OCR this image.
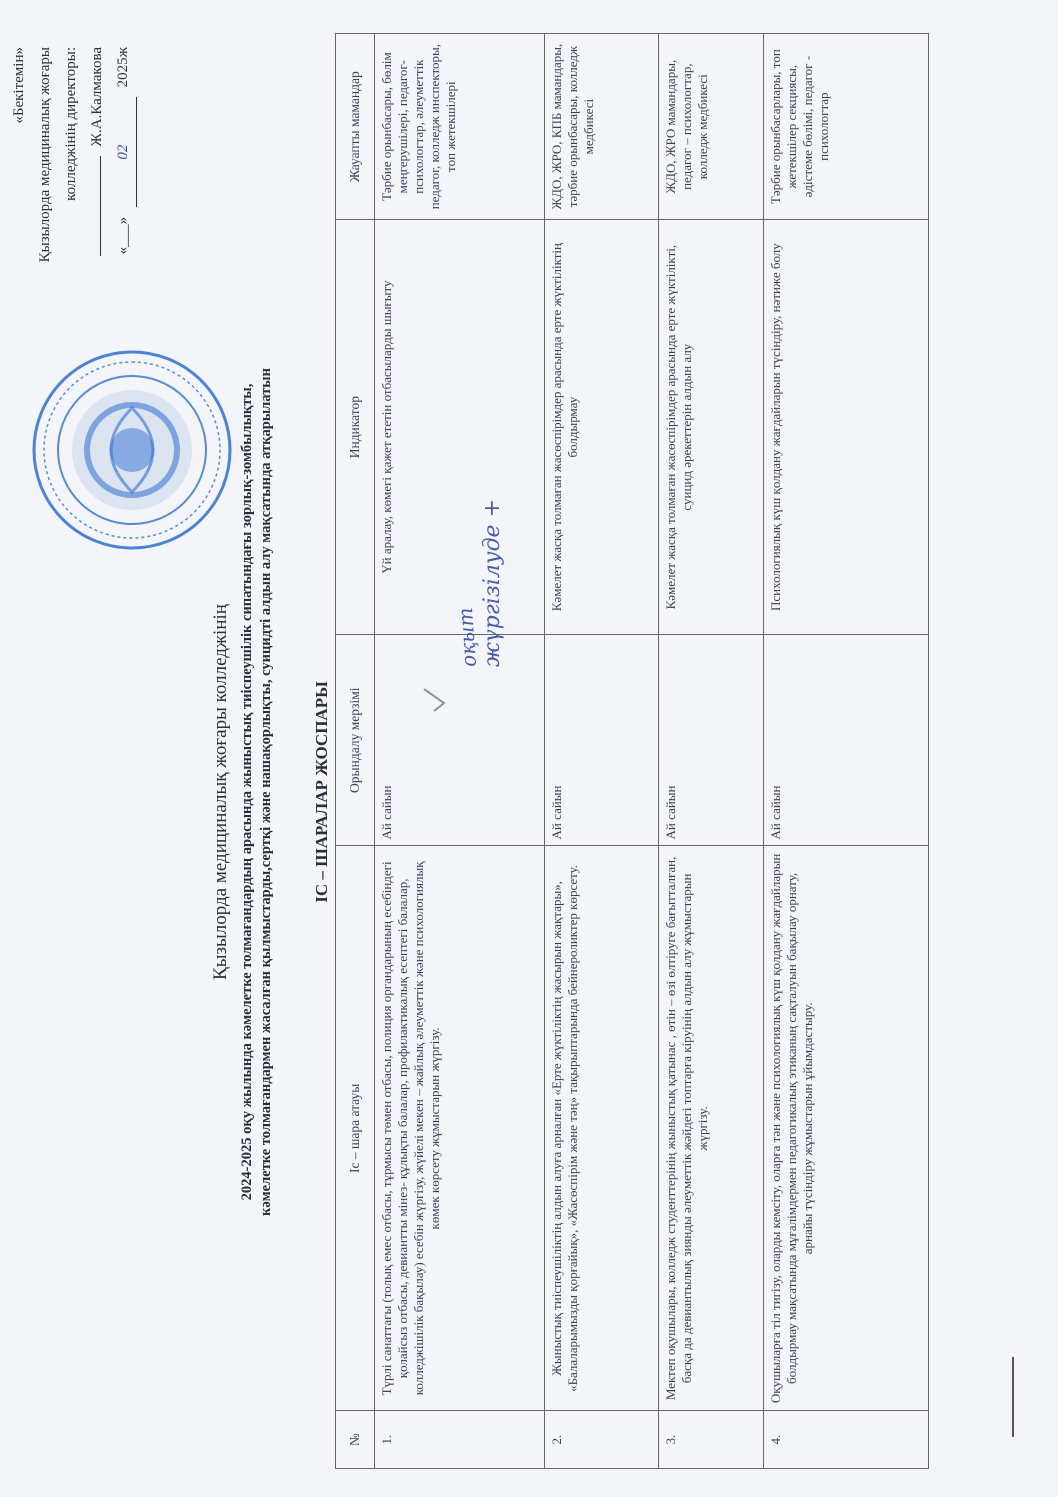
«Бекітемін» Қызылорда медициналық жоғары колледжінің директоры: Ж.А.Калмакова
«___» 02 2025ж
Қызылорда медициналық жоғары колледжінің 2024-2025 оқу жылында кәмелетке толмағандардың арасында жыныстық тиіспеушілік сипатындағы зорлық-зомбылықты, кәмелетке толмағандармен жасалған қылмыстарды,сертқі және нашақорлықты, суицидті алдын алу мақсатында атқарылатын ІС – ШАРАЛАР ЖОСПАРЫ
№	Іс – шара атауы	Орындалу мерзімі	Индикатор	Жауапты мамандар
1.	Түрлі санаттағы (толық емес отбасы, тұрмысы төмен отбасы, полиция органдарының есебіндегі қолайсыз отбасы, девиантты мінез- құлықты балалар, профилактикалық есептегі балалар, колледжішілік бақылау) есебін жүргізу, жүйелі мекен – жайлық әлеуметтік және психологиялық көмек көрсету жұмыстарын жүргізу.	Ай сайын	Үй аралау, көмегі қажет ететін отбасыларды шығыту	Тәрбие орынбасары, бөлім меңгерушілері, педагог-психологтар, әлеуметтік педагог, колледж инспекторы, топ жетекшілері
2.	Жыныстық тиіспеушіліктің алдын алуға арналған «Ерте жүктіліктің жасырын жақтары», «Балаларымызды қорғайық», «Жасөспірім және тәң» тақырыптарында бейнероликтер көрсету.	Ай сайын	Кәмелет жасқа толмаған жасөспірімдер арасында ерте жүктіліктің болдырмау	ЖДО, ЖРО, КПБ мамандары, тәрбие орынбасары, колледж медбикесі
3.	Мектеп оқушылары, колледж студенттерінің жыныстық қатынас , өтін – өзі өлтіруге бағытталған, басқа да девиантылық зиянды әлеуметтік жәйдегі топтарға кіруінің алдын алу жұмыстарын жүргізу.	Ай сайын	Кәмелет жасқа толмаған жасөспірімдер арасында ерте жүктілікті, суицид әрекеттерін алдын алу	ЖДО, ЖРО мамандары, педагог – психологтар, колледж медбикесі
4.	Оқушыларға тіл тигізу, оларды кемсіту, оларға тән және психологиялық күш қолдану жағдайларын болдырмау мақсатында мұғалімдермен педагогикалық этиканың сақталуын бақылау орнату, арнайы түсіндіру жұмыстарын ұйымдастыру.	Ай сайын	Психологиялық күш қолдану жағдайларын түсіндіру, нәтиже болу	Тәрбие орынбасарлары, топ жетекшілер секциясы, әдістеме бөлімі, педагог - психологтар
оқыт
жүргізілуде +
